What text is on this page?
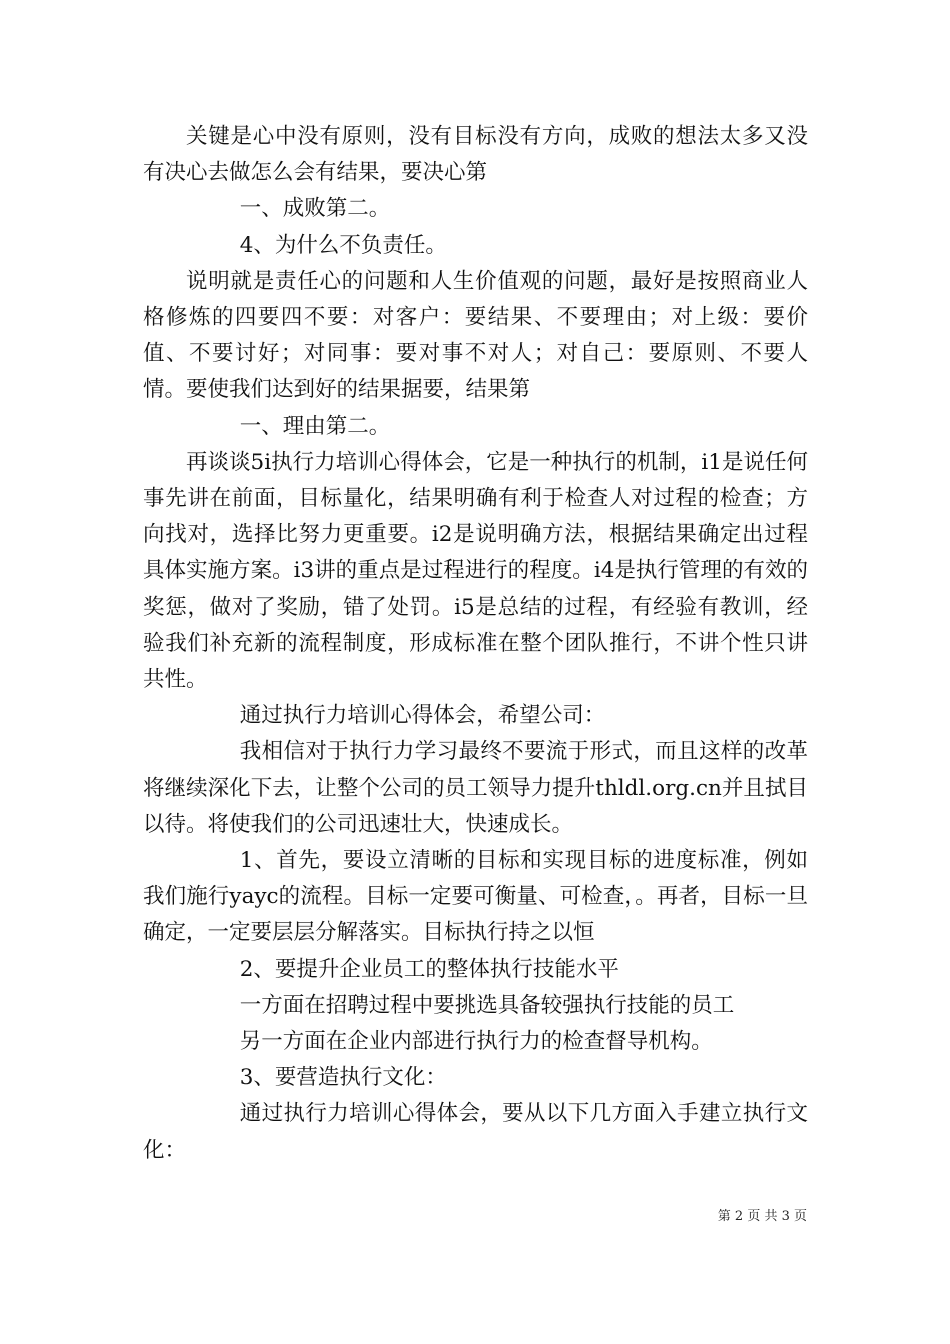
关键是心中没有原则，没有目标没有方向，成败的想法太多又没有决心去做怎么会有结果，要决心第

一、成败第二。

4、为什么不负责任。

说明就是责任心的问题和人生价值观的问题，最好是按照商业人格修炼的四要四不要：对客户：要结果、不要理由；对上级：要价值、不要讨好；对同事：要对事不对人；对自己：要原则、不要人情。要使我们达到好的结果据要，结果第

一、理由第二。

再谈谈5i执行力培训心得体会，它是一种执行的机制，i1是说任何事先讲在前面，目标量化，结果明确有利于检查人对过程的检查；方向找对，选择比努力更重要。i2是说明确方法，根据结果确定出过程具体实施方案。i3讲的重点是过程进行的程度。i4是执行管理的有效的奖惩，做对了奖励，错了处罚。i5是总结的过程，有经验有教训，经验我们补充新的流程制度，形成标准在整个团队推行，不讲个性只讲共性。

通过执行力培训心得体会，希望公司：

我相信对于执行力学习最终不要流于形式，而且这样的改革将继续深化下去，让整个公司的员工领导力提升thldl.org.cn并且拭目以待。将使我们的公司迅速壮大，快速成长。

1、首先，要设立清晰的目标和实现目标的进度标准，例如我们施行yayc的流程。目标一定要可衡量、可检查，。再者，目标一旦确定，一定要层层分解落实。目标执行持之以恒

2、要提升企业员工的整体执行技能水平

一方面在招聘过程中要挑选具备较强执行技能的员工

另一方面在企业内部进行执行力的检查督导机构。

3、要营造执行文化：

通过执行力培训心得体会，要从以下几方面入手建立执行文化：

第 2 页 共 3 页
